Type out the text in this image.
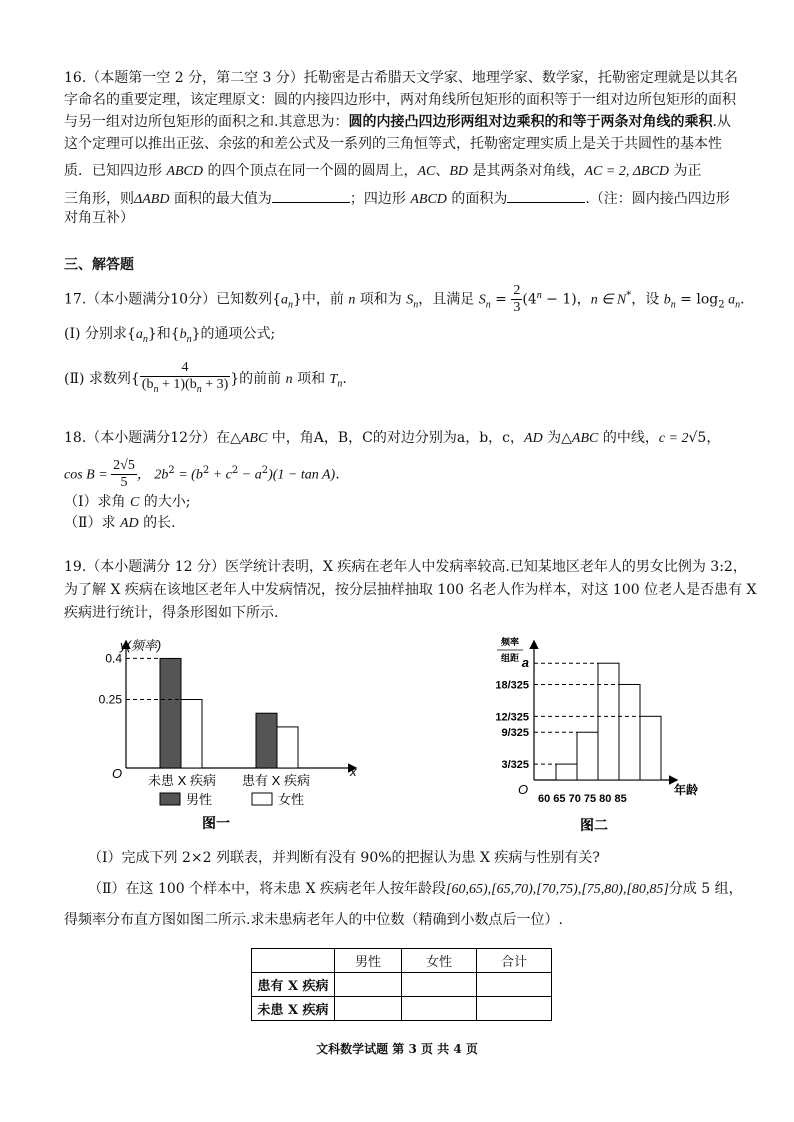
16.（本题第一空 2 分，第二空 3 分）托勒密是古希腊天文学家、地理学家、数学家，托勒密定理就是以其名
字命名的重要定理，该定理原文：圆的内接四边形中，两对角线所包矩形的面积等于一组对边所包矩形的面积
与另一组对边所包矩形的面积之和.其意思为：圆的内接凸四边形两组对边乘积的和等于两条对角线的乘积.从
这个定理可以推出正弦、余弦的和差公式及一系列的三角恒等式，托勒密定理实质上是关于共圆性的基本性
质．已知四边形 ABCD 的四个顶点在同一个圆的圆周上，AC、BD 是其两条对角线，AC = 2, ΔBCD 为正
三角形，则ΔABD 面积的最大值为	；四边形 ABCD 的面积为	.（注：圆内接凸四边形
对角互补）
三、解答题
17.（本小题满分10分）已知数列$\{a_n\}$中，前 n 项和为 $S_n$，且满足 $S_n = \frac{2}{3} (4^n - 1)$，n ∈ N*，设 $b_n = \log_2 a_n$.
(Ⅰ) 分别求$\{a_n\}$和$\{b_n\}$的通项公式;
(Ⅱ) 求数列{ $\frac{4}{(b_n + 1)(b_n + 3)}$ }的前前 n 项和 $T_n$.
18.（本小题满分12分）在△ABC 中，角A，B，C的对边分别为a，b，c，AD 为△ABC 的中线，c = 2√5，
$\cos B = \frac{2√5}{5}$ ， $2b^2 = (b^2 + c^2 - a^2)(1 - \tan A)$.
（Ⅰ）求角 C 的大小;
（Ⅱ）求 AD 的长.
19.（本小题满分 12 分）医学统计表明，X 疾病在老年人中发病率较高.已知某地区老年人的男女比例为 3:2，
为了解 X 疾病在该地区老年人中发病情况，按分层抽样抽取 100 名老人作为样本，对这 100 位老人是否患有 X
疾病进行统计，得条形图如下所示.
y(频率)
O	x
0.25
0.4
未患 X 疾病 患有 X 疾病
男性	女性
图一
频率
组距
O
3/325
9/325
12/325
18/325
a
60 65 70 75 80 85
年龄
图二
（Ⅰ）完成下列 2×2 列联表，并判断有没有 90%的把握认为患 X 疾病与性别有关?
（Ⅱ）在这 100 个样本中，将未患 X 疾病老年人按年龄段[60,65),[65,70),[70,75),[75,80),[80,85]分成 5 组，
得频率分布直方图如图二所示.求未患病老年人的中位数（精确到小数点后一位）.
	男性	女性	合计
患有 X 疾病			
未患 X 疾病			
文科数学试题 第 3 页 共 4 页
